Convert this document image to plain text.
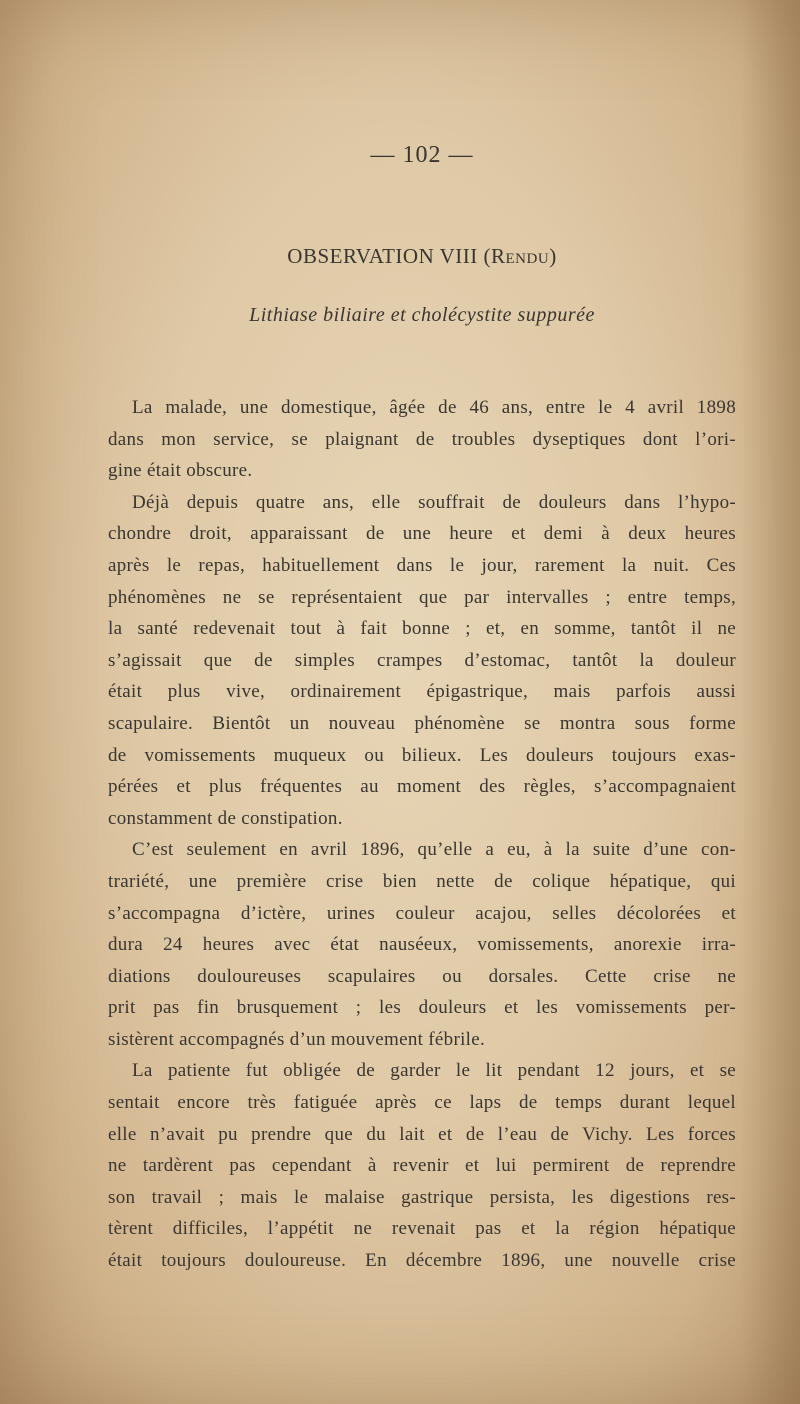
— 102 —
OBSERVATION VIII (Rendu)
Lithiase biliaire et cholécystite suppurée
La malade, une domestique, âgée de 46 ans, entre le 4 avril 1898
dans mon service, se plaignant de troubles dyseptiques dont l’ori-
gine était obscure.
Déjà depuis quatre ans, elle souffrait de douleurs dans l’hypo-
chondre droit, apparaissant de une heure et demi à deux heures
après le repas, habituellement dans le jour, rarement la nuit. Ces
phénomènes ne se représentaient que par intervalles ; entre temps,
la santé redevenait tout à fait bonne ; et, en somme, tantôt il ne
s’agissait que de simples crampes d’estomac, tantôt la douleur
était plus vive, ordinairement épigastrique, mais parfois aussi
scapulaire. Bientôt un nouveau phénomène se montra sous forme
de vomissements muqueux ou bilieux. Les douleurs toujours exas-
pérées et plus fréquentes au moment des règles, s’accompagnaient
constamment de constipation.
C’est seulement en avril 1896, qu’elle a eu, à la suite d’une con-
trariété, une première crise bien nette de colique hépatique, qui
s’accompagna d’ictère, urines couleur acajou, selles décolorées et
dura 24 heures avec état nauséeux, vomissements, anorexie irra-
diations douloureuses scapulaires ou dorsales. Cette crise ne
prit pas fin brusquement ; les douleurs et les vomissements per-
sistèrent accompagnés d’un mouvement fébrile.
La patiente fut obligée de garder le lit pendant 12 jours, et se
sentait encore très fatiguée après ce laps de temps durant lequel
elle n’avait pu prendre que du lait et de l’eau de Vichy. Les forces
ne tardèrent pas cependant à revenir et lui permirent de reprendre
son travail ; mais le malaise gastrique persista, les digestions res-
tèrent difficiles, l’appétit ne revenait pas et la région hépatique
était toujours douloureuse. En décembre 1896, une nouvelle crise
